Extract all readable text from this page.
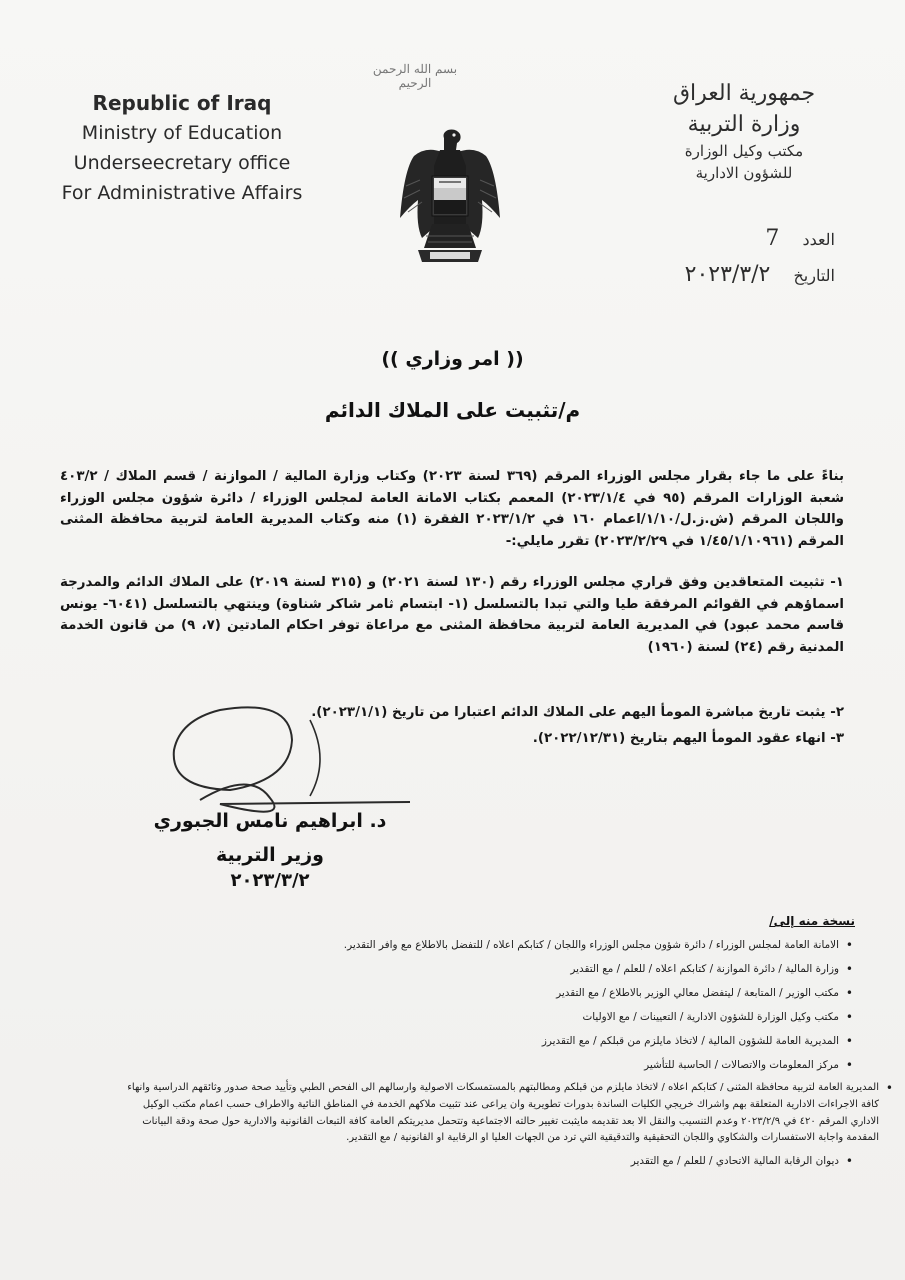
Republic of Iraq
Ministry of Education
Underseecretary office
For Administrative Affairs
بسم الله الرحمن الرحيم	جمهورية العراق
وزارة التربية
مكتب وكيل الوزارة
للشؤون الادارية
العدد 7
التاريخ ٢٠٢٣/٣/٢
(( امر وزاري ))
م/تثبيت على الملاك الدائم
بناءً على ما جاء بقرار مجلس الوزراء المرقم (٣٦٩ لسنة ٢٠٢٣) وكتاب وزارة المالية / الموازنة / قسم الملاك / ٤٠٣/٢ شعبة الوزارات المرقم (٩٥ في ٢٠٢٣/١/٤) المعمم بكتاب الامانة العامة لمجلس الوزراء / دائرة شؤون مجلس الوزراء واللجان المرقم (ش.ز.ل/١/١٠/اعمام ١٦٠ في ٢٠٢٣/١/٢ الفقرة (١) منه وكتاب المديرية العامة لتربية محافظة المثنى المرقم (١/٤٥/١/١٠٩٦١ في ٢٠٢٣/٢/٢٩) تقرر مايلي:-
١- تثبيت المتعاقدين وفق قراري مجلس الوزراء رقم (١٣٠ لسنة ٢٠٢١) و (٣١٥ لسنة ٢٠١٩) على الملاك الدائم والمدرجة اسماؤهم في القوائم المرفقة طيا والتي تبدا بالتسلسل (١- ابتسام ثامر شاكر شناوة) وينتهي بالتسلسل (٦٠٤١- يونس قاسم محمد عبود) في المديرية العامة لتربية محافظة المثنى مع مراعاة توفر احكام المادتين (٧، ٩) من قانون الخدمة المدنية رقم (٢٤) لسنة (١٩٦٠)
٢- يثبت تاريخ مباشرة المومأ اليهم على الملاك الدائم اعتبارا من تاريخ (٢٠٢٣/١/١).
٣- انهاء عقود المومأ اليهم بتاريخ (٢٠٢٢/١٢/٣١).
د. ابراهيم نامس الجبوري
وزير التربية
٢٠٢٣/٣/٢
نسخة منه إلى/
• الامانة العامة لمجلس الوزراء / دائرة شؤون مجلس الوزراء واللجان / كتابكم اعلاه / للتفضل بالاطلاع مع وافر التقدير.
• وزارة المالية / دائرة الموازنة / كتابكم اعلاه / للعلم / مع التقدير
• مكتب الوزير / المتابعة / ليتفضل معالي الوزير بالاطلاع / مع التقدير
• مكتب وكيل الوزارة للشؤون الادارية / التعيينات / مع الاوليات
• المديرية العامة للشؤون المالية / لاتخاذ مايلزم من قبلكم / مع التقديرز
• مركز المعلومات والاتصالات / الحاسبة للتأشير
• المديرية العامة لتربية محافظة المثنى / كتابكم اعلاه / لاتخاذ مايلزم من قبلكم ومطالبتهم بالمستمسكات الاصولية وارسالهم الى الفحص الطبي وتأييد صحة صدور وثائقهم الدراسية وانهاء كافة الاجراءات الادارية المتعلقة بهم واشراك خريجي الكليات الساندة بدورات تطويرية وان يراعى عند تثبيت ملاكهم الخدمة في المناطق النائية والاطراف حسب اعمام مكتب الوكيل الاداري المرقم ٤٢٠ في ٢٠٢٣/٢/٩ وعدم التنسيب والنقل الا بعد تقديمه مايثبت تغيير حالته الاجتماعية وتتحمل مديريتكم العامة كافة التبعات القانونية والادارية حول صحة ودقة البيانات المقدمة واجابة الاستفسارات والشكاوي واللجان التحقيقية والتدقيقية التي ترد من الجهات العليا او الرقابية او القانونية / مع التقدير.
• ديوان الرقابة المالية الاتحادي / للعلم / مع التقدير
